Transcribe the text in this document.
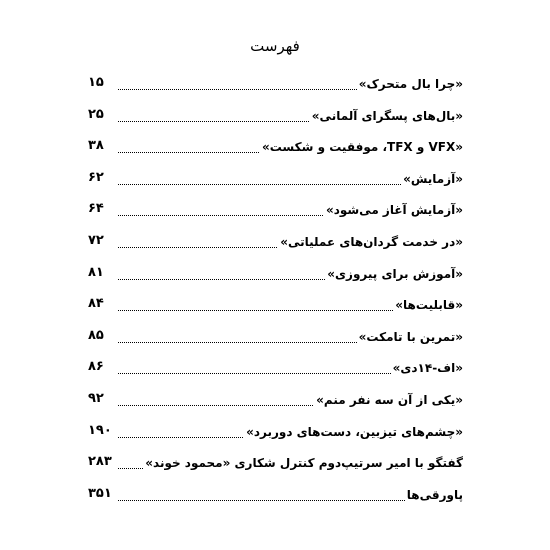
فهرست
«چرا بال متحرک»
۱۵
«بال‌های پسگرای آلمانی»
۲۵
«VFX و TFX، موفقیت و شکست»
۳۸
«آزمایش»
۶۲
«آزمایش آغاز می‌شود»
۶۴
«در خدمت گردان‌های عملیاتی»
۷۲
«آموزش برای پیروزی»
۸۱
«قابلیت‌ها»
۸۴
«تمرین با تامکت»
۸۵
«اف-۱۴دی»
۸۶
«یکی از آن سه نفر منم»
۹۲
«چشم‌های تیزبین، دست‌های دوربرد»
۱۹۰
گفتگو با امیر سرتیپ‌دوم کنترل شکاری «محمود خوند»
۲۸۳
پاورقی‌ها
۳۵۱
